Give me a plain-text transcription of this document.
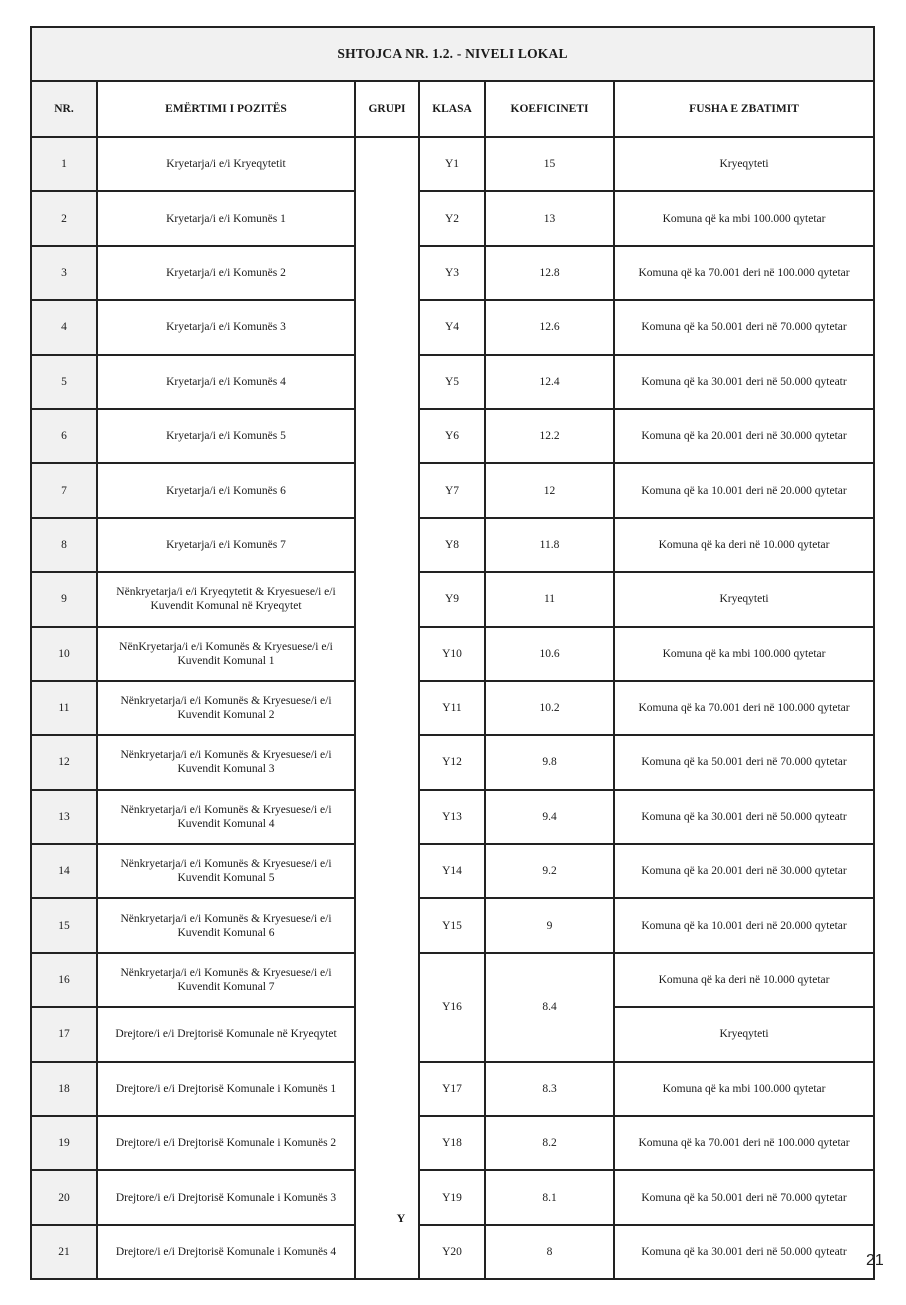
SHTOJCA NR. 1.2. - NIVELI LOKAL					
NR.	EMËRTIMI I POZITËS	GRUPI	KLASA	KOEFICINETI	FUSHA E ZBATIMIT
1	Kryetarja/i e/i Kryeqytetit		Y1	15	Kryeqyteti
2	Kryetarja/i e/i Komunës 1		Y2	13	Komuna që ka mbi 100.000 qytetar
3	Kryetarja/i e/i Komunës 2		Y3	12.8	Komuna që ka 70.001 deri në 100.000 qytetar
4	Kryetarja/i e/i Komunës 3		Y4	12.6	Komuna që ka 50.001 deri në 70.000 qytetar
5	Kryetarja/i e/i Komunës 4		Y5	12.4	Komuna që ka 30.001 deri në 50.000 qyteatr
6	Kryetarja/i e/i Komunës 5		Y6	12.2	Komuna që ka 20.001 deri në 30.000 qytetar
7	Kryetarja/i e/i Komunës 6		Y7	12	Komuna që ka 10.001 deri në 20.000 qytetar
8	Kryetarja/i e/i Komunës 7		Y8	11.8	Komuna që ka deri në 10.000 qytetar
9	Nënkryetarja/i e/i Kryeqytetit & Kryesuese/i e/i Kuvendit Komunal në Kryeqytet		Y9	11	Kryeqyteti
10	NënKryetarja/i e/i Komunës & Kryesuese/i e/i Kuvendit Komunal 1		Y10	10.6	Komuna që ka mbi 100.000 qytetar
11	Nënkryetarja/i e/i Komunës & Kryesuese/i e/i Kuvendit Komunal 2		Y11	10.2	Komuna që ka 70.001 deri në 100.000 qytetar
12	Nënkryetarja/i e/i Komunës & Kryesuese/i e/i Kuvendit Komunal 3		Y12	9.8	Komuna që ka 50.001 deri në 70.000 qytetar
13	Nënkryetarja/i e/i Komunës & Kryesuese/i e/i Kuvendit Komunal 4		Y13	9.4	Komuna që ka 30.001 deri në 50.000 qyteatr
14	Nënkryetarja/i e/i Komunës & Kryesuese/i e/i Kuvendit Komunal 5		Y14	9.2	Komuna që ka 20.001 deri në 30.000 qytetar
15	Nënkryetarja/i e/i Komunës & Kryesuese/i e/i Kuvendit Komunal 6		Y15	9	Komuna që ka 10.001 deri në 20.000 qytetar
16	Nënkryetarja/i e/i Komunës & Kryesuese/i e/i Kuvendit Komunal 7		Y16	8.4	Komuna që ka deri në 10.000 qytetar
17	Drejtore/i e/i Drejtorisë Komunale në Kryeqytet				Kryeqyteti
18	Drejtore/i e/i Drejtorisë Komunale i Komunës 1		Y17	8.3	Komuna që ka mbi 100.000 qytetar
19	Drejtore/i e/i Drejtorisë Komunale i Komunës 2		Y18	8.2	Komuna që ka 70.001 deri në 100.000 qytetar
20	Drejtore/i e/i Drejtorisë Komunale i Komunës 3		Y19	8.1	Komuna që ka 50.001 deri në 70.000 qytetar
21	Drejtore/i e/i Drejtorisë Komunale i Komunës 4		Y20	8	Komuna që ka 30.001 deri në 50.000 qyteatr
Y
21
